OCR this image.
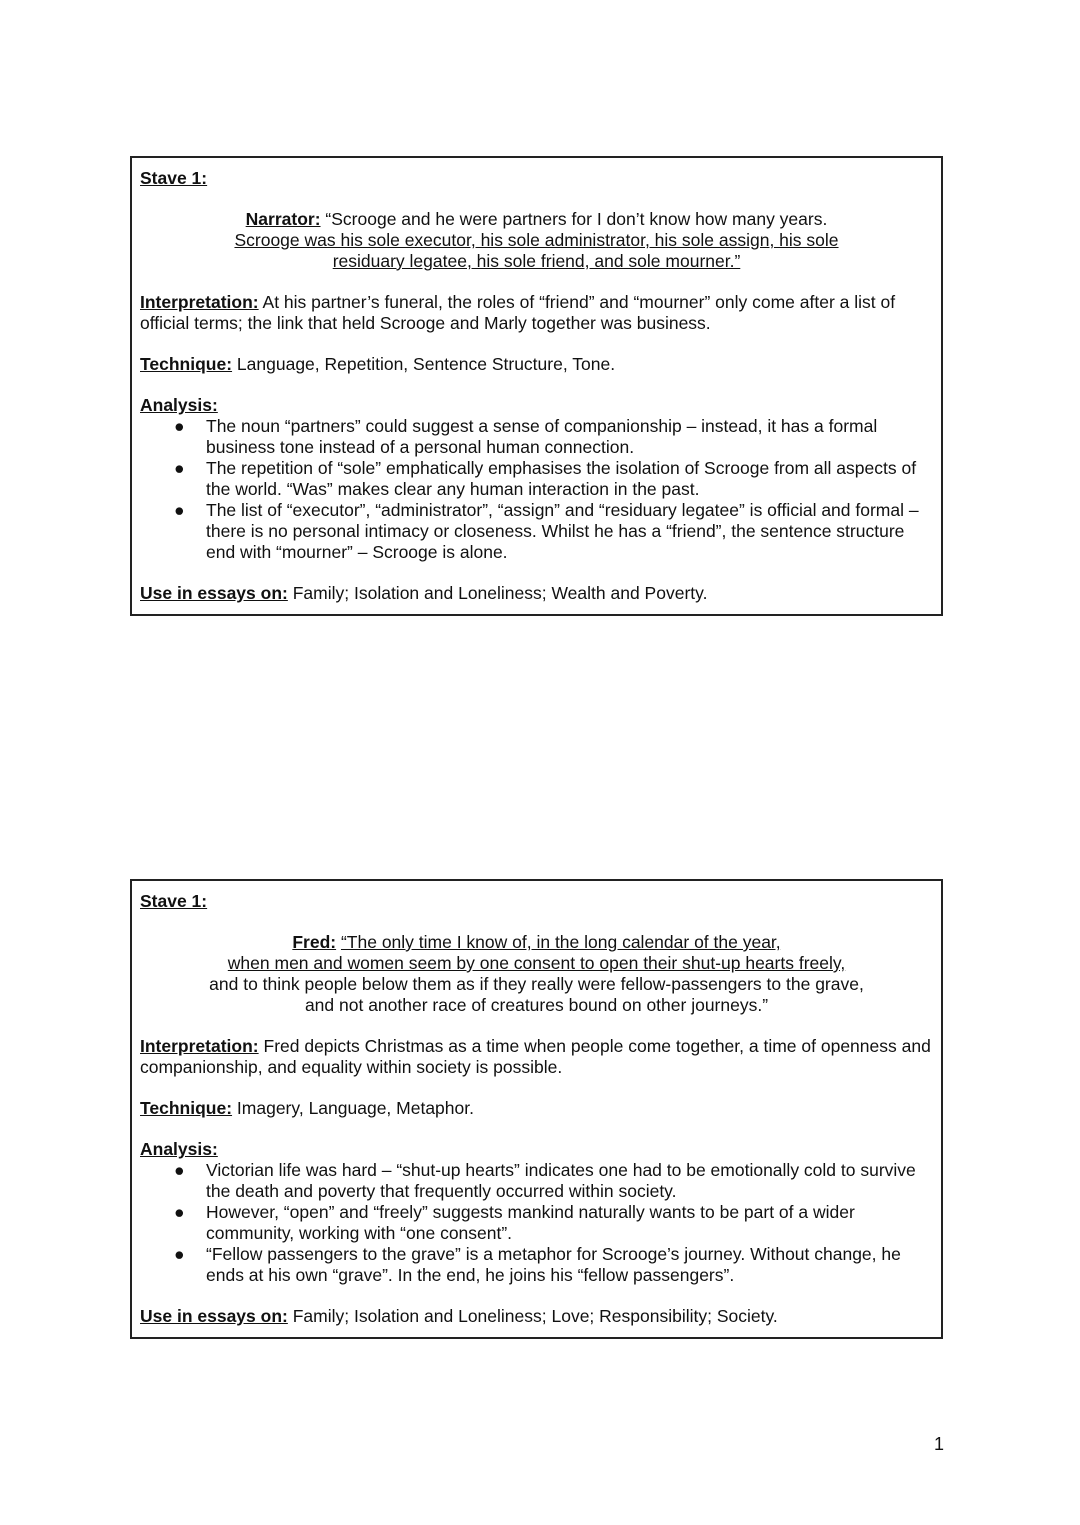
Stave 1:
Narrator: “Scrooge and he were partners for I don’t know how many years.
Scrooge was his sole executor, his sole administrator, his sole assign, his sole
residuary legatee, his sole friend, and sole mourner.”
Interpretation: At his partner’s funeral, the roles of “friend” and “mourner” only come after a list of official terms; the link that held Scrooge and Marly together was business.
Technique: Language, Repetition, Sentence Structure, Tone.
Analysis:
● The noun “partners” could suggest a sense of companionship – instead, it has a formal business tone instead of a personal human connection.
● The repetition of “sole” emphatically emphasises the isolation of Scrooge from all aspects of the world. “Was” makes clear any human interaction in the past.
● The list of “executor”, “administrator”, “assign” and “residuary legatee” is official and formal – there is no personal intimacy or closeness. Whilst he has a “friend”, the sentence structure end with “mourner” – Scrooge is alone.
Use in essays on: Family; Isolation and Loneliness; Wealth and Poverty.
Stave 1:
Fred: “The only time I know of, in the long calendar of the year,
when men and women seem by one consent to open their shut-up hearts freely,
and to think people below them as if they really were fellow-passengers to the grave,
and not another race of creatures bound on other journeys.”
Interpretation: Fred depicts Christmas as a time when people come together, a time of openness and companionship, and equality within society is possible.
Technique: Imagery, Language, Metaphor.
Analysis:
● Victorian life was hard – “shut-up hearts” indicates one had to be emotionally cold to survive the death and poverty that frequently occurred within society.
● However, “open” and “freely” suggests mankind naturally wants to be part of a wider community, working with “one consent”.
● “Fellow passengers to the grave” is a metaphor for Scrooge’s journey. Without change, he ends at his own “grave”. In the end, he joins his “fellow passengers”.
Use in essays on: Family; Isolation and Loneliness; Love; Responsibility; Society.
1
